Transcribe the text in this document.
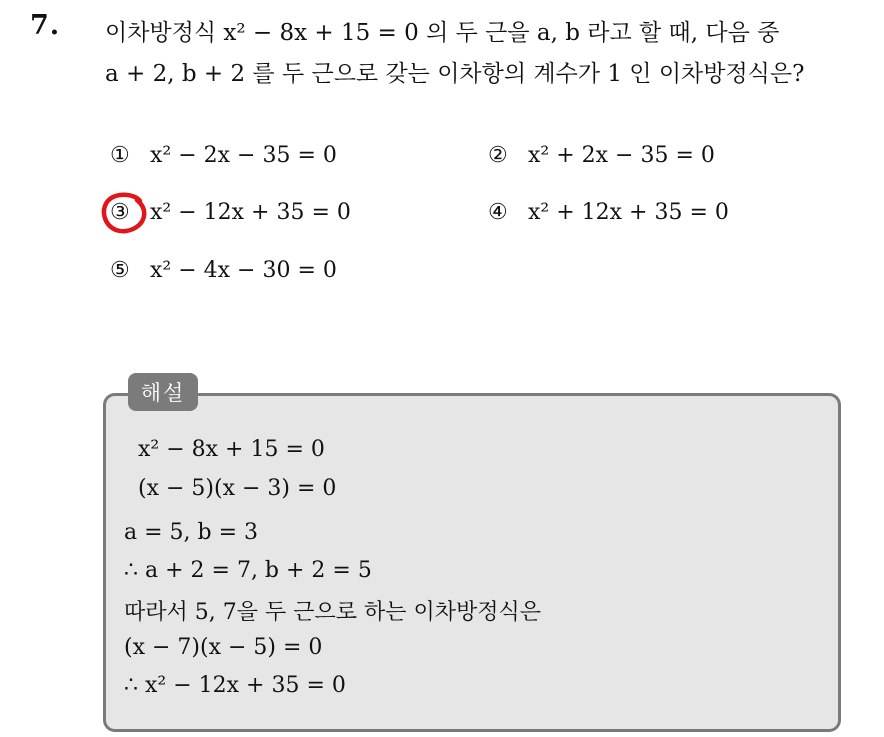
7. 이차방정식 x² − 8x + 15 = 0 의 두 근을 a, b 라고 할 때, 다음 중
a + 2, b + 2 를 두 근으로 갖는 이차항의 계수가 1 인 이차방정식은?
① x² − 2x − 35 = 0	② x² + 2x − 35 = 0
③ x² − 12x + 35 = 0	④ x² + 12x + 35 = 0
⑤ x² − 4x − 30 = 0
해설
x² − 8x + 15 = 0
(x − 5)(x − 3) = 0
a = 5, b = 3
∴ a + 2 = 7, b + 2 = 5
따라서 5, 7을 두 근으로 하는 이차방정식은
(x − 7)(x − 5) = 0
∴ x² − 12x + 35 = 0
